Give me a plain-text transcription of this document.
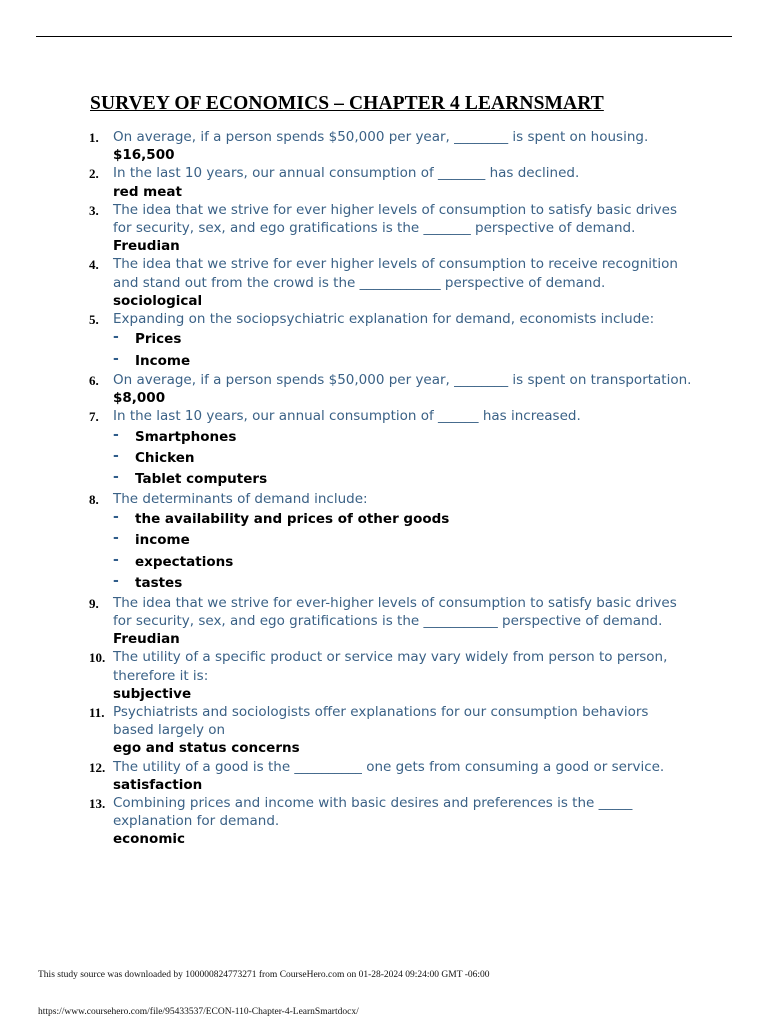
SURVEY OF ECONOMICS – CHAPTER 4 LEARNSMART
1.	On average, if a person spends $50,000 per year, ________ is spent on housing.
$16,500
2.	In the last 10 years, our annual consumption of _______ has declined.
red meat
3.	The idea that we strive for ever higher levels of consumption to satisfy basic drives for security, sex, and ego gratifications is the _______ perspective of demand.
Freudian
4.	The idea that we strive for ever higher levels of consumption to receive recognition and stand out from the crowd is the ____________ perspective of demand.
sociological
5.	Expanding on the sociopsychiatric explanation for demand, economists include:
- Prices
- Income
6.	On average, if a person spends $50,000 per year, ________ is spent on transportation.
$8,000
7.	In the last 10 years, our annual consumption of ______ has increased.
- Smartphones
- Chicken
- Tablet computers
8.	The determinants of demand include:
- the availability and prices of other goods
- income
- expectations
- tastes
9.	The idea that we strive for ever-higher levels of consumption to satisfy basic drives for security, sex, and ego gratifications is the ___________ perspective of demand.
Freudian
10. The utility of a specific product or service may vary widely from person to person, therefore it is:
subjective
11. Psychiatrists and sociologists offer explanations for our consumption behaviors based largely on
ego and status concerns
12. The utility of a good is the __________ one gets from consuming a good or service.
satisfaction
13. Combining prices and income with basic desires and preferences is the _____ explanation for demand.
economic

This study source was downloaded by 100000824773271 from CourseHero.com on 01-28-2024 09:24:00 GMT -06:00

https://www.coursehero.com/file/95433537/ECON-110-Chapter-4-LearnSmartdocx/
